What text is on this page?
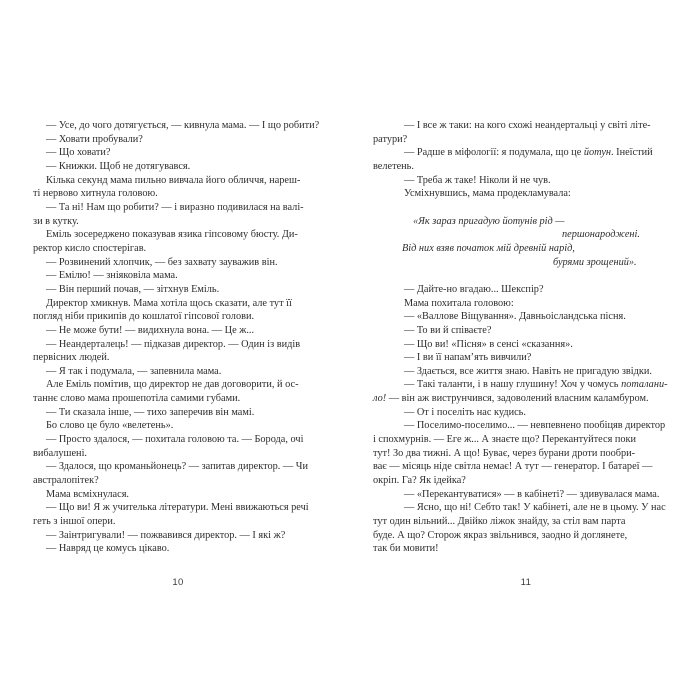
— Усе, до чого дотягується, — кивнула мама. — І що робити?
— Ховати пробували?
— Що ховати?
— Книжки. Щоб не дотягувався.
Кілька секунд мама пильно вивчала його обличчя, нареш-
ті нервово хитнула головою.
— Та ні! Нам що робити? — і виразно подивилася на валі-
зи в кутку.
Еміль зосереджено показував язика гіпсовому бюсту. Ди-
ректор кисло спостерігав.
— Розвинений хлопчик, — без захвату зауважив він.
— Емілю! — зніяковіла мама.
— Він перший почав, — зітхнув Еміль.
Директор хмикнув. Мама хотіла щось сказати, але тут її
погляд ніби прикипів до кошлатої гіпсової голови.
— Не може бути! — видихнула вона. — Це ж...
— Неандерталець! — підказав директор. — Один із видів
первісних людей.
— Я так і подумала, — запевнила мама.
Але Еміль помітив, що директор не дав договорити, й ос-
таннє слово мама прошепотіла самими губами.
— Ти сказала інше, — тихо заперечив він мамі.
Бо слово це було «велетень».
— Просто здалося, — похитала головою та. — Борода, очі
вибалушені.
— Здалося, що кроманьйонець? — запитав директор. — Чи
австралопітек?
Мама всміхнулася.
— Що ви! Я ж учителька літератури. Мені ввижаються речі
геть з іншої опери.
— Заінтригували! — пожвавився директор. — І які ж?
— Навряд це комусь цікаво.
— І все ж таки: на кого схожі неандертальці у світі літе-
ратури?
— Радше в міфології: я подумала, що це йотун. Інеїстий
велетень.
— Треба ж таке! Ніколи й не чув.
Усміхнувшись, мама продекламувала:
«Як зараз пригадую йотунів рід —
першонароджені.
Від них взяв початок мій древній нарід,
бурями зрощений».
— Дайте-но вгадаю... Шекспір?
Мама похитала головою:
— «Валлове Віщування». Давньоісландська пісня.
— То ви й співаєте?
— Що ви! «Пісня» в сенсі «сказання».
— І ви її напам’ять вивчили?
— Здається, все життя знаю. Навіть не пригадую звідки.
— Такі таланти, і в нашу глушину! Хоч у чомусь поталани-
ло! — він аж виструнчився, задоволений власним каламбуром.
— От і поселіть нас кудись.
— Поселимо-поселимо... — невпевнено пообіцяв директор
і спохмурнів. — Еге ж... А знаєте що? Перекантуйтеся поки
тут! Зо два тижні. А що! Буває, через бурани дроти пообри-
ває — місяць ніде світла немає! А тут — генератор. І батареї —
окріп. Га? Як ідейка?
— «Перекантуватися» — в кабінеті? — здивувалася мама.
— Ясно, що ні! Себто так! У кабінеті, але не в цьому. У нас
тут один вільний... Двійко ліжок знайду, за стіл вам парта
буде. А що? Сторож якраз звільнився, заодно й доглянете,
так би мовити!
10	11
